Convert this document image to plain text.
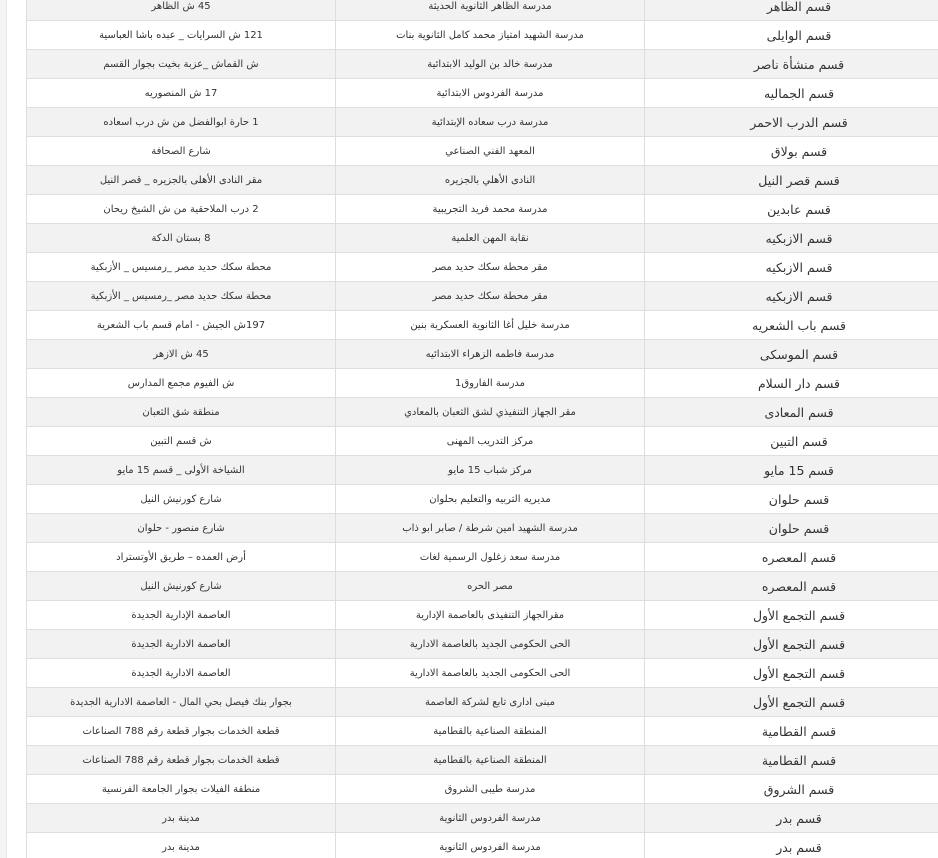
قسم الظاهر	مدرسة الظاهر الثانوية الحديثة	45 ش الظاهر
قسم الوايلى	مدرسة الشهيد امتياز محمد كامل الثانوية بنات	121 ش السرايات _ عبده باشا العباسية
قسم منشأة ناصر	مدرسة خالد بن الوليد الابتدائية	ش القماش _عزبة بخيت بجوار القسم
قسم الجماليه	مدرسة الفردوس الابتدائية	17 ش المنصوريه
قسم الدرب الاحمر	مدرسة درب سعاده الإبتدائية	1 حارة ابوالفضل من ش درب اسعاده
قسم بولاق	المعهد الفني الصناعي	شارع الصحافة
قسم قصر النيل	النادى الأهلي بالجزيره	مقر النادى الأهلى بالجزيره _ قصر النيل
قسم عابدين	مدرسة محمد فريد التجريبية	2 درب الملاحقية من ش الشيخ ريحان
قسم الازبكيه	نقابة المهن العلمية	8 بستان الدكة
قسم الازبكيه	مقر محطة سكك حديد مصر	محطة سكك حديد مصر _رمسيس _ الأزبكية
قسم الازبكيه	مقر محطة سكك حديد مصر	محطة سكك حديد مصر _رمسيس _ الأزبكية
قسم باب الشعريه	مدرسة خليل أغا الثانوية العسكرية بنين	197ش الجيش - امام قسم باب الشعرية
قسم الموسكى	مدرسة فاطمه الزهراء الابتدائيه	45 ش الازهر
قسم دار السلام	مدرسة الفاروق1	ش الفيوم مجمع المدارس
قسم المعادى	مقر الجهاز التنفيذي لشق الثعبان بالمعادي	منطقة شق الثعبان
قسم التبين	مركز التدريب المهنى	ش قسم التبين
قسم 15 مايو	مركز شباب 15 مايو	الشياخة الأولى _ قسم 15 مايو
قسم حلوان	مديريه التربيه والتعليم بحلوان	شارع كورنيش النيل
قسم حلوان	مدرسة الشهيد امين شرطة / صابر ابو ذاب	شارع منصور - حلوان
قسم المعصره	مدرسة سعد زغلول الرسمية لغات	أرض العمده – طريق الأوتستراد
قسم المعصره	مصر الحره	شارع كورنيش النيل
قسم التجمع الأول	مقرالجهاز التنفيذى بالعاصمة الإدارية	العاصمة الإدارية الجديدة
قسم التجمع الأول	الحى الحكومى الجديد بالعاصمة الادارية	العاصمة الادارية الجديدة
قسم التجمع الأول	الحى الحكومى الجديد بالعاصمة الادارية	العاصمة الادارية الجديدة
قسم التجمع الأول	مبنى ادارى تابع لشركة العاصمة	بجوار بنك فيصل بحي المال - العاصمة الادارية الجديدة
قسم القطامية	المنطقة الصناعية بالقطامية	قطعة الخدمات بجوار قطعة رقم 788 الصناعات
قسم القطامية	المنطقة الصناعية بالقطامية	قطعة الخدمات بجوار قطعة رقم 788 الصناعات
قسم الشروق	مدرسة طيبى الشروق	منطقة الفيلات بجوار الجامعة الفرنسية
قسم بدر	مدرسة الفردوس الثانوية	مدينة بدر
قسم بدر	مدرسة الفردوس الثانوية	مدينة بدر
